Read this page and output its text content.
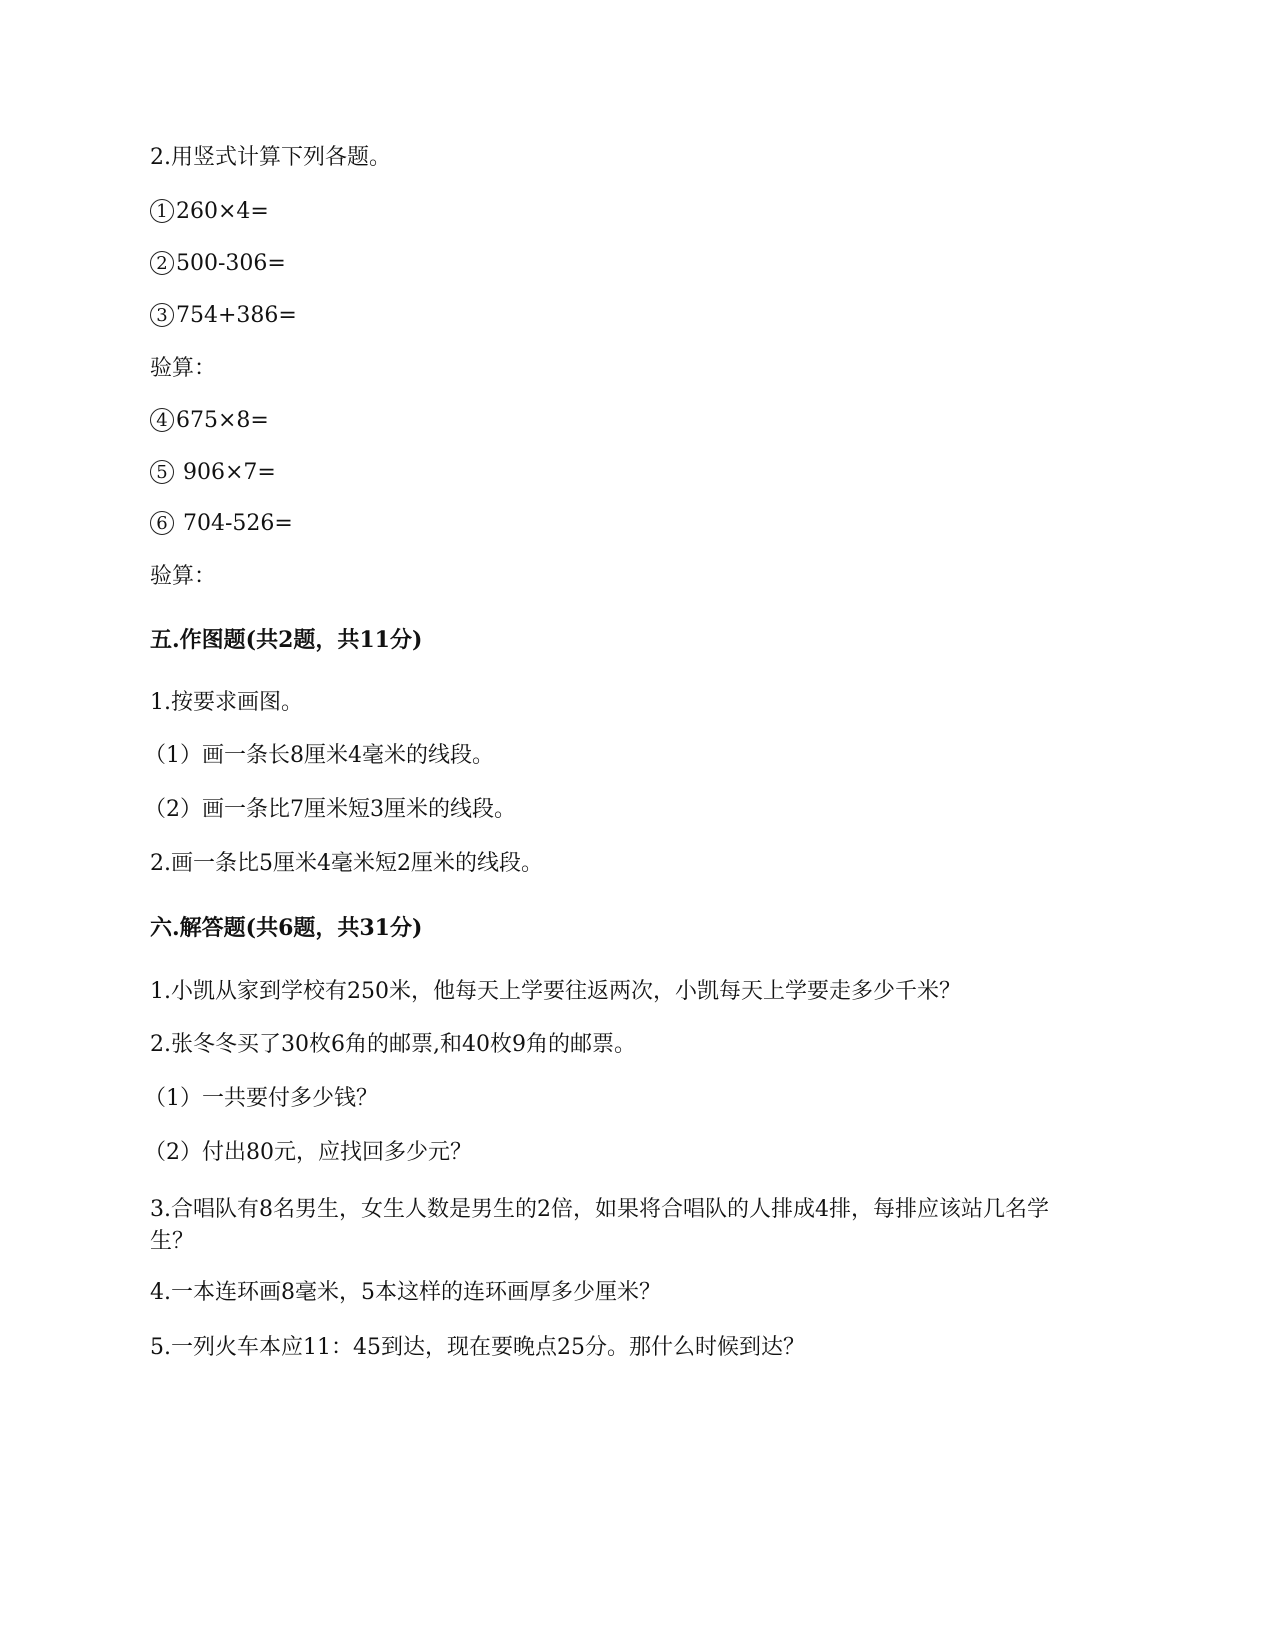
2.用竖式计算下列各题。
1 260×4=
2 500-306=
3 754+386=
验算：
4 675×8=
5 906×7=
6 704-526=
验算：
五.作图题(共2题，共11分)
1.按要求画图。
（1）画一条长8厘米4毫米的线段。
（2）画一条比7厘米短3厘米的线段。
2.画一条比5厘米4毫米短2厘米的线段。
六.解答题(共6题，共31分)
1.小凯从家到学校有250米，他每天上学要往返两次，小凯每天上学要走多少千米？
2.张冬冬买了30枚6角的邮票,和40枚9角的邮票。
（1）一共要付多少钱？
（2）付出80元，应找回多少元？
3.合唱队有8名男生，女生人数是男生的2倍，如果将合唱队的人排成4排，每排应该站几名学生？
4.一本连环画8毫米，5本这样的连环画厚多少厘米？
5.一列火车本应11：45到达，现在要晚点25分。那什么时候到达？
